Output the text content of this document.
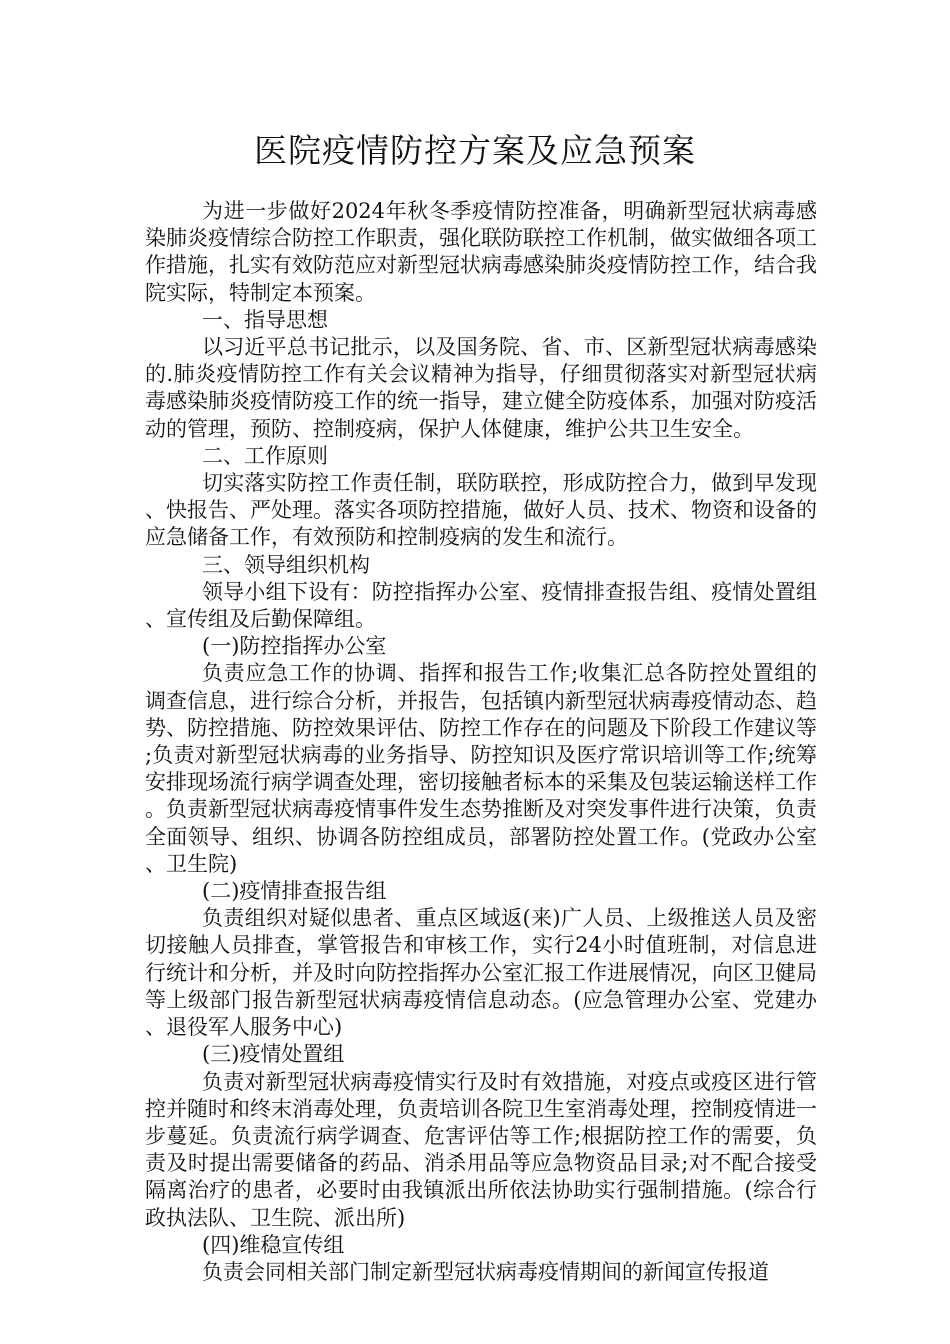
医院疫情防控方案及应急预案

为进一步做好2024年秋冬季疫情防控准备，明确新型冠状病毒感染肺炎疫情综合防控工作职责，强化联防联控工作机制，做实做细各项工作措施，扎实有效防范应对新型冠状病毒感染肺炎疫情防控工作，结合我院实际，特制定本预案。

一、指导思想

以习近平总书记批示，以及国务院、省、市、区新型冠状病毒感染的.肺炎疫情防控工作有关会议精神为指导，仔细贯彻落实对新型冠状病毒感染肺炎疫情防疫工作的统一指导，建立健全防疫体系，加强对防疫活动的管理，预防、控制疫病，保护人体健康，维护公共卫生安全。

二、工作原则

切实落实防控工作责任制，联防联控，形成防控合力，做到早发现、快报告、严处理。落实各项防控措施，做好人员、技术、物资和设备的应急储备工作，有效预防和控制疫病的发生和流行。

三、领导组织机构

领导小组下设有：防控指挥办公室、疫情排查报告组、疫情处置组、宣传组及后勤保障组。

(一)防控指挥办公室

负责应急工作的协调、指挥和报告工作;收集汇总各防控处置组的调查信息，进行综合分析，并报告，包括镇内新型冠状病毒疫情动态、趋势、防控措施、防控效果评估、防控工作存在的问题及下阶段工作建议等;负责对新型冠状病毒的业务指导、防控知识及医疗常识培训等工作;统筹安排现场流行病学调查处理，密切接触者标本的采集及包装运输送样工作。负责新型冠状病毒疫情事件发生态势推断及对突发事件进行决策，负责全面领导、组织、协调各防控组成员，部署防控处置工作。(党政办公室、卫生院)

(二)疫情排查报告组

负责组织对疑似患者、重点区域返(来)广人员、上级推送人员及密切接触人员排查，掌管报告和审核工作，实行24小时值班制，对信息进行统计和分析，并及时向防控指挥办公室汇报工作进展情况，向区卫健局等上级部门报告新型冠状病毒疫情信息动态。(应急管理办公室、党建办、退役军人服务中心)

(三)疫情处置组

负责对新型冠状病毒疫情实行及时有效措施，对疫点或疫区进行管控并随时和终末消毒处理，负责培训各院卫生室消毒处理，控制疫情进一步蔓延。负责流行病学调查、危害评估等工作;根据防控工作的需要，负责及时提出需要储备的药品、消杀用品等应急物资品目录;对不配合接受隔离治疗的患者，必要时由我镇派出所依法协助实行强制措施。(综合行政执法队、卫生院、派出所)

(四)维稳宣传组

负责会同相关部门制定新型冠状病毒疫情期间的新闻宣传报道
